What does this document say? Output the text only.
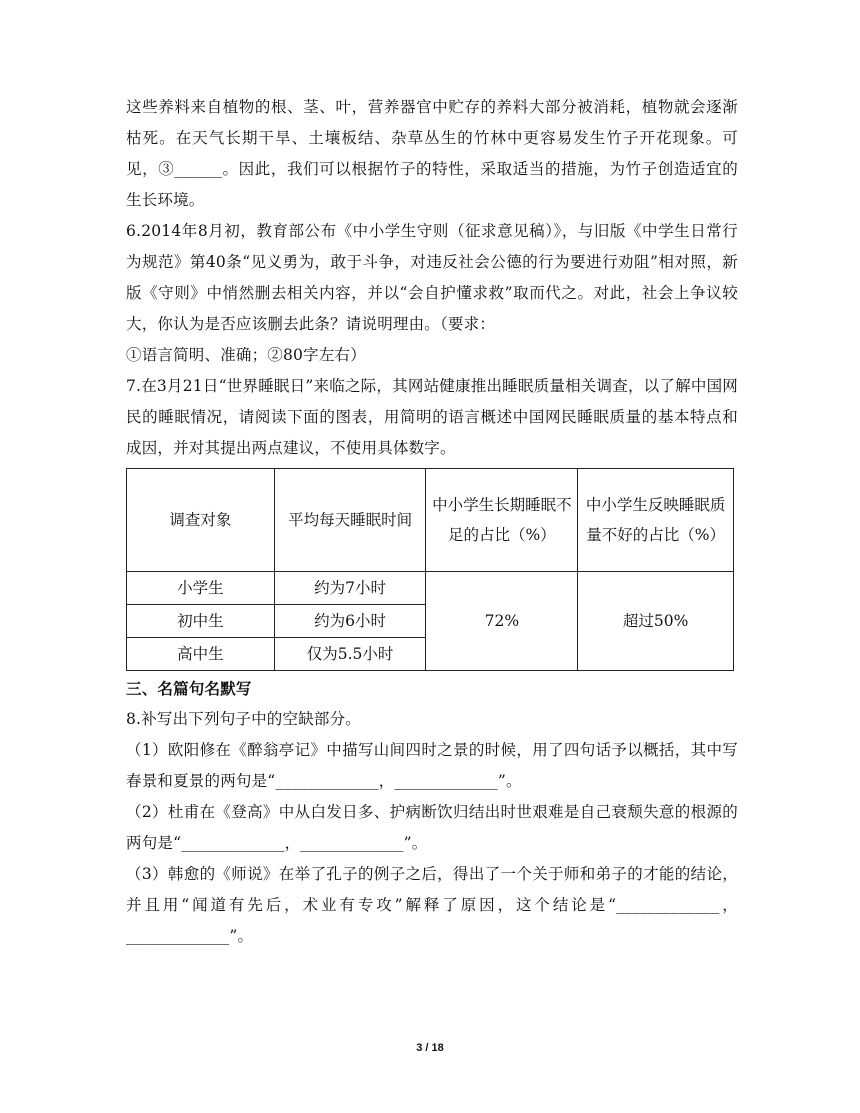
这些养料来自植物的根、茎、叶，营养器官中贮存的养料大部分被消耗，植物就会逐渐枯死。在天气长期干旱、土壤板结、杂草丛生的竹林中更容易发生竹子开花现象。可见，③______。因此，我们可以根据竹子的特性，采取适当的措施，为竹子创造适宜的生长环境。

6.2014年8月初，教育部公布《中小学生守则（征求意见稿）》，与旧版《中学生日常行为规范》第40条“见义勇为，敢于斗争，对违反社会公德的行为要进行劝阻”相对照，新版《守则》中悄然删去相关内容，并以“会自护懂求救”取而代之。对此，社会上争议较大，你认为是否应该删去此条？请说明理由。（要求：

①语言简明、准确；②80字左右）

7.在3月21日“世界睡眠日”来临之际，其网站健康推出睡眠质量相关调查，以了解中国网民的睡眠情况，请阅读下面的图表，用简明的语言概述中国网民睡眠质量的基本特点和成因，并对其提出两点建议，不使用具体数字。

调查对象	平均每天睡眠时间	中小学生长期睡眠不足的占比（%）	中小学生反映睡眠质量不好的占比（%）
小学生	约为7小时	72%	超过50%
初中生	约为6小时		
高中生	仅为5.5小时		

三、名篇句名默写

8.补写出下列句子中的空缺部分。

（1）欧阳修在《醉翁亭记》中描写山间四时之景的时候，用了四句话予以概括，其中写春景和夏景的两句是“_____________，_____________”。

（2）杜甫在《登高》中从白发日多、护病断饮归结出时世艰难是自己衰颓失意的根源的两句是“_____________，_____________”。

（3）韩愈的《师说》在举了孔子的例子之后，得出了一个关于师和弟子的才能的结论，并且用“闻道有先后，术业有专攻”解释了原因，这个结论是“_____________，_____________”。

3 / 18
